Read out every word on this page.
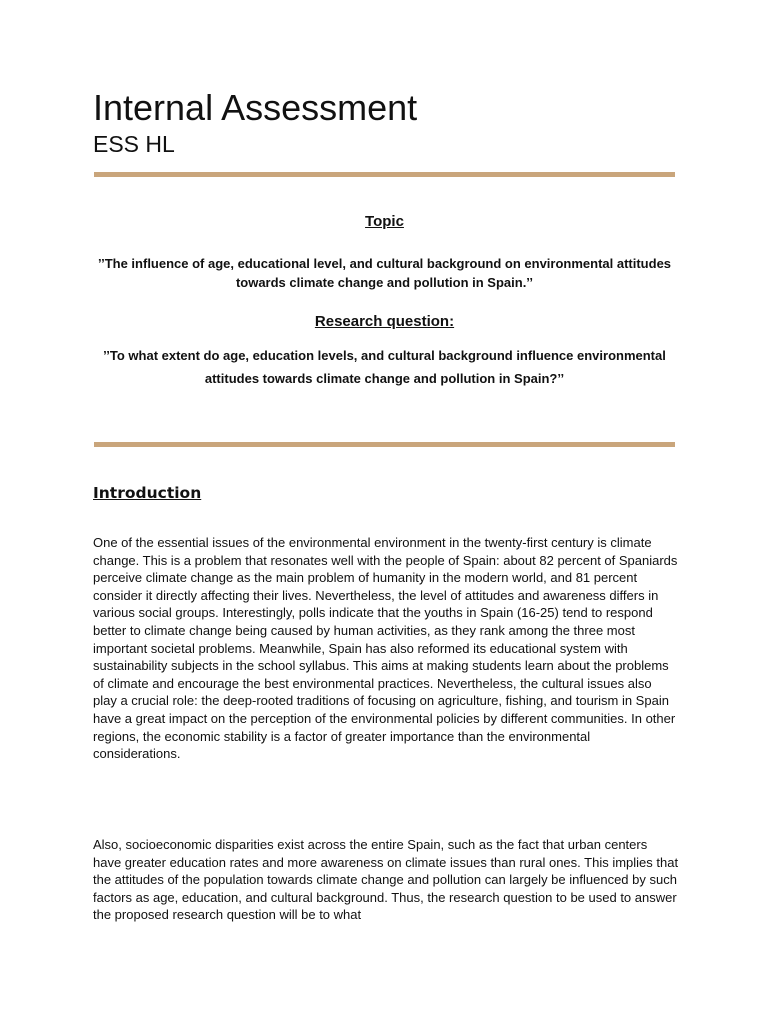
Internal Assessment
ESS HL
Topic

’’The influence of age, educational level, and cultural background on environmental attitudes towards climate change and pollution in Spain.’’

Research question:

’’To what extent do age, education levels, and cultural background influence environmental attitudes towards climate change and pollution in Spain?’’

Introduction

One of the essential issues of the environmental environment in the twenty-first century is climate change. This is a problem that resonates well with the people of Spain: about 82 percent of Spaniards perceive climate change as the main problem of humanity in the modern world, and 81 percent consider it directly affecting their lives. Nevertheless, the level of attitudes and awareness differs in various social groups. Interestingly, polls indicate that the youths in Spain (16-25) tend to respond better to climate change being caused by human activities, as they rank among the three most important societal problems. Meanwhile, Spain has also reformed its educational system with sustainability subjects in the school syllabus. This aims at making students learn about the problems of climate and encourage the best environmental practices. Nevertheless, the cultural issues also play a crucial role: the deep-rooted traditions of focusing on agriculture, fishing, and tourism in Spain have a great impact on the perception of the environmental policies by different communities. In other regions, the economic stability is a factor of greater importance than the environmental considerations.

Also, socioeconomic disparities exist across the entire Spain, such as the fact that urban centers have greater education rates and more awareness on climate issues than rural ones. This implies that the attitudes of the population towards climate change and pollution can largely be influenced by such factors as age, education, and cultural background. Thus, the research question to be used to answer the proposed research question will be to what
